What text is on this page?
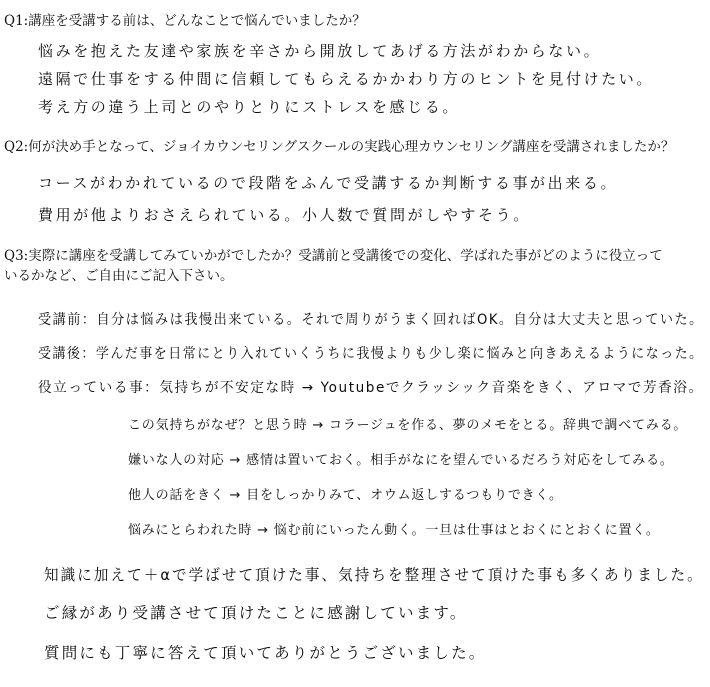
Q1:講座を受講する前は、どんなことで悩んでいましたか？
悩みを抱えた友達や家族を辛さから開放してあげる方法がわからない。
遠隔で仕事をする仲間に信頼してもらえるかかわり方のヒントを見付けたい。
考え方の違う上司とのやりとりにストレスを感じる。
Q2:何が決め手となって、ジョイカウンセリングスクールの実践心理カウンセリング講座を受講されましたか？
コースがわかれているので段階をふんで受講するか判断する事が出来る。
費用が他よりおさえられている。小人数で質問がしやすそう。
Q3:実際に講座を受講してみていかがでしたか？受講前と受講後での変化、学ばれた事がどのように役立って
いるかなど、ご自由にご記入下さい。
受講前：自分は悩みは我慢出来ている。それで周りがうまく回ればOK。自分は大丈夫と思っていた。
受講後：学んだ事を日常にとり入れていくうちに我慢よりも少し楽に悩みと向きあえるようになった。
役立っている事：気持ちが不安定な時 → Youtubeでクラッシック音楽をきく、アロマで芳香浴。
この気持ちがなぜ？と思う時 → コラージュを作る、夢のメモをとる。辞典で調べてみる。
嫌いな人の対応 → 感情は置いておく。相手がなにを望んでいるだろう対応をしてみる。
他人の話をきく → 目をしっかりみて、オウム返しするつもりできく。
悩みにとらわれた時 → 悩む前にいったん動く。一旦は仕事はとおくにとおくに置く。
知識に加えて＋αで学ばせて頂けた事、気持ちを整理させて頂けた事も多くありました。
ご縁があり受講させて頂けたことに感謝しています。
質問にも丁寧に答えて頂いてありがとうございました。
